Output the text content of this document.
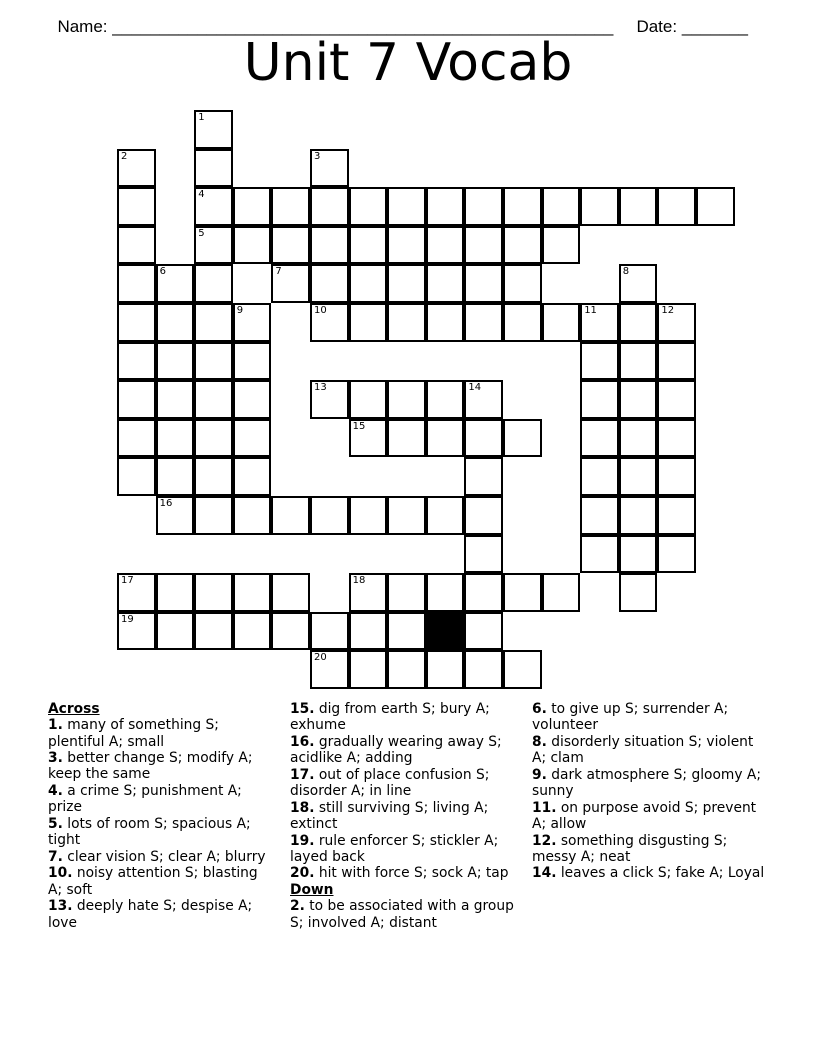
Name: _____________________________________________________	Date: _______

Unit 7 Vocab
1
4
5
2	3
10
6	7	8
9	11	12
13	14
15
16
17	18
19
20
Across
1. many of something S; plentiful A; small
3. better change S; modify A; keep the same
4. a crime S; punishment A; prize
5. lots of room S; spacious A; tight
7. clear vision S; clear A; blurry
10. noisy attention S; blasting A; soft
13. deeply hate S; despise A; love
15. dig from earth S; bury A; exhume
16. gradually wearing away S; acidlike A; adding
17. out of place confusion S; disorder A; in line
18. still surviving S; living A; extinct
19. rule enforcer S; stickler A; layed back
20. hit with force S; sock A; tap
Down
2. to be associated with a group S; involved A; distant
6. to give up S; surrender A; volunteer
8. disorderly situation S; violent A; clam
9. dark atmosphere S; gloomy A; sunny
11. on purpose avoid S; prevent A; allow
12. something disgusting S; messy A; neat
14. leaves a click S; fake A; Loyal
